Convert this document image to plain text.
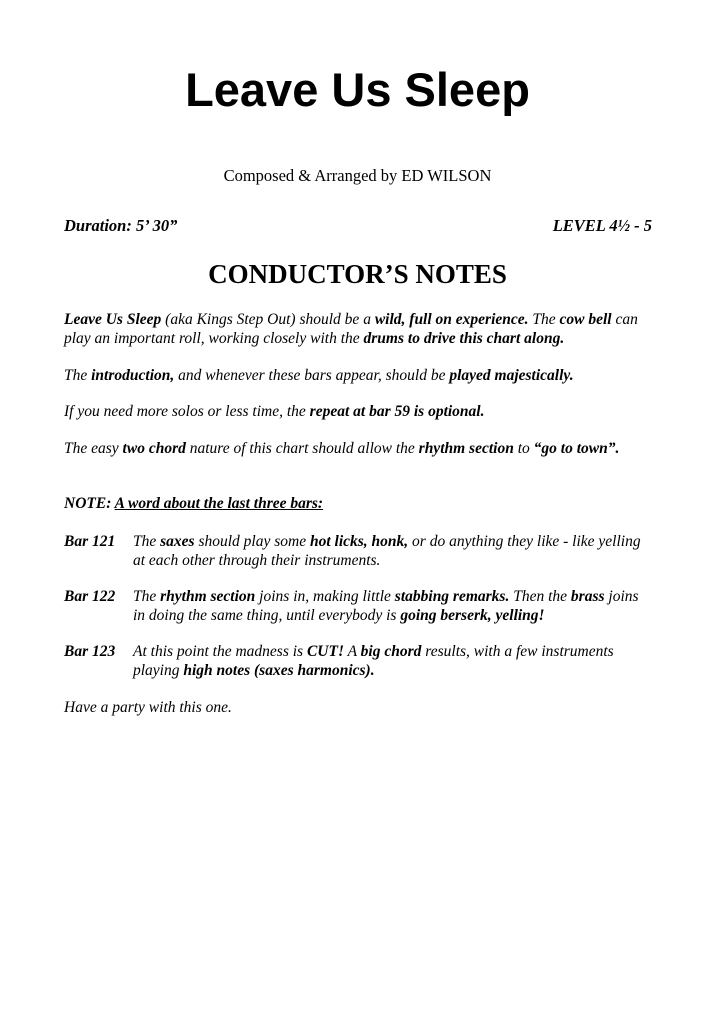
Leave Us Sleep
Composed & Arranged by ED WILSON
Duration: 5’ 30”	LEVEL 4½ - 5
CONDUCTOR’S NOTES
Leave Us Sleep (aka Kings Step Out) should be a wild, full on experience. The cow bell can play an important roll, working closely with the drums to drive this chart along.
The introduction, and whenever these bars appear, should be played majestically.
If you need more solos or less time, the repeat at bar 59 is optional.
The easy two chord nature of this chart should allow the rhythm section to “go to town”.
NOTE: A word about the last three bars:
Bar 121 The saxes should play some hot licks, honk, or do anything they like - like yelling at each other through their instruments.
Bar 122 The rhythm section joins in, making little stabbing remarks. Then the brass joins in doing the same thing, until everybody is going berserk, yelling!
Bar 123 At this point the madness is CUT! A big chord results, with a few instruments playing high notes (saxes harmonics).
Have a party with this one.
